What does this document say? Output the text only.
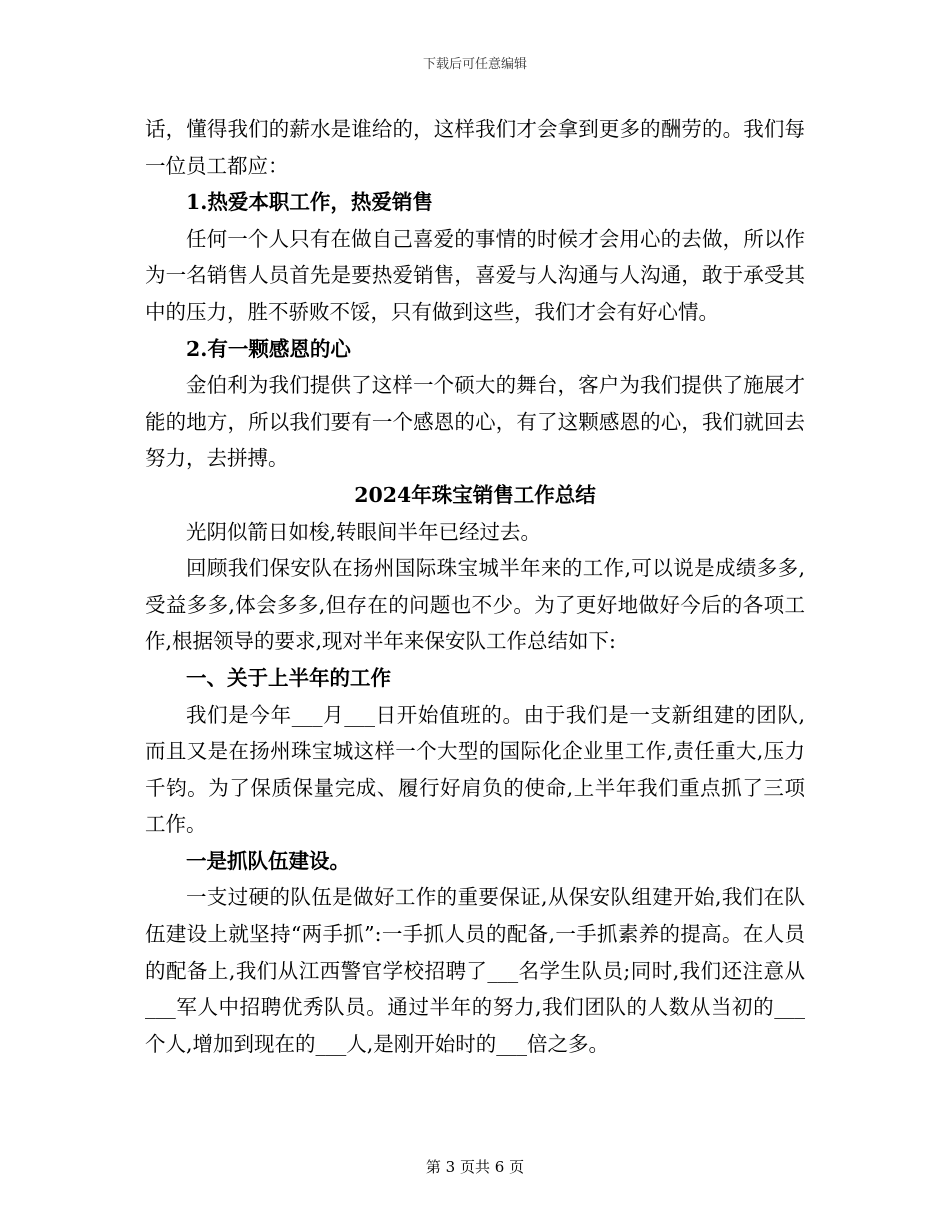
下载后可任意编辑

话，懂得我们的薪水是谁给的，这样我们才会拿到更多的酬劳的。我们每一位员工都应：

1.热爱本职工作，热爱销售

任何一个人只有在做自己喜爱的事情的时候才会用心的去做，所以作为一名销售人员首先是要热爱销售，喜爱与人沟通与人沟通，敢于承受其中的压力，胜不骄败不馁，只有做到这些，我们才会有好心情。

2.有一颗感恩的心

金伯利为我们提供了这样一个硕大的舞台，客户为我们提供了施展才能的地方，所以我们要有一个感恩的心，有了这颗感恩的心，我们就回去努力，去拼搏。

2024年珠宝销售工作总结

光阴似箭日如梭,转眼间半年已经过去。

回顾我们保安队在扬州国际珠宝城半年来的工作,可以说是成绩多多,受益多多,体会多多,但存在的问题也不少。为了更好地做好今后的各项工作,根据领导的要求,现对半年来保安队工作总结如下:

一、关于上半年的工作

我们是今年___月___日开始值班的。由于我们是一支新组建的团队,而且又是在扬州珠宝城这样一个大型的国际化企业里工作,责任重大,压力千钧。为了保质保量完成、履行好肩负的使命,上半年我们重点抓了三项工作。

一是抓队伍建设。

一支过硬的队伍是做好工作的重要保证,从保安队组建开始,我们在队伍建设上就坚持“两手抓”:一手抓人员的配备,一手抓素养的提高。在人员的配备上,我们从江西警官学校招聘了___名学生队员;同时,我们还注意从___军人中招聘优秀队员。通过半年的努力,我们团队的人数从当初的___个人,增加到现在的___人,是刚开始时的___倍之多。

第 3 页共 6 页
